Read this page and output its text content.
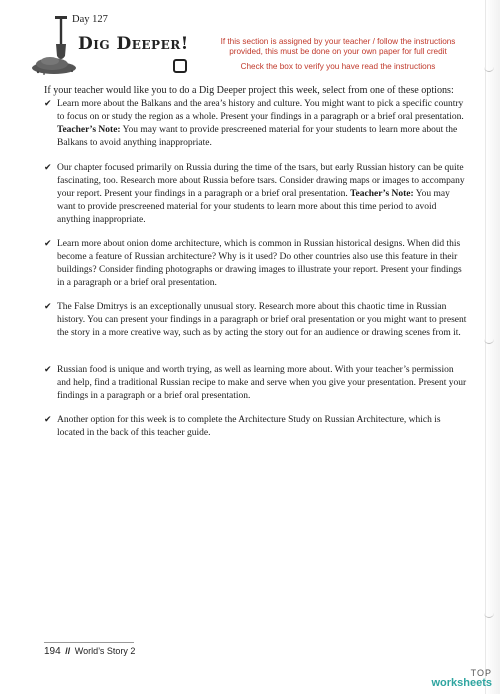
Day 127
Dig Deeper!	If this section is assigned by your teacher / follow the instructions provided, this must be done on your own paper for full credit
Check the box to verify you have read the instructions
If your teacher would like you to do a Dig Deeper project this week, select from one of these options:
✔ Learn more about the Balkans and the area’s history and culture. You might want to pick a specific country to focus on or study the region as a whole. Present your findings in a paragraph or a brief oral presentation. Teacher’s Note: You may want to provide prescreened material for your students to learn more about the Balkans to avoid anything inappropriate.
✔ Our chapter focused primarily on Russia during the time of the tsars, but early Russian history can be quite fascinating, too. Research more about Russia before tsars. Consider drawing maps or images to accompany your report. Present your findings in a paragraph or a brief oral presentation. Teacher’s Note: You may want to provide prescreened material for your students to learn more about this time period to avoid anything inappropriate.
✔ Learn more about onion dome architecture, which is common in Russian historical designs. When did this become a feature of Russian architecture? Why is it used? Do other countries also use this feature in their buildings? Consider finding photographs or drawing images to illustrate your report. Present your findings in a paragraph or a brief oral presentation.
✔ The False Dmitrys is an exceptionally unusual story. Research more about this chaotic time in Russian history. You can present your findings in a paragraph or brief oral presentation or you might want to present the story in a more creative way, such as by acting the story out for an audience or drawing scenes from it.
✔ Russian food is unique and worth trying, as well as learning more about. With your teacher’s permission and help, find a traditional Russian recipe to make and serve when you give your presentation. Present your findings in a paragraph or a brief oral presentation.
✔ Another option for this week is to complete the Architecture Study on Russian Architecture, which is located in the back of this teacher guide.
194 // World’s Story 2
TOP
worksheets
